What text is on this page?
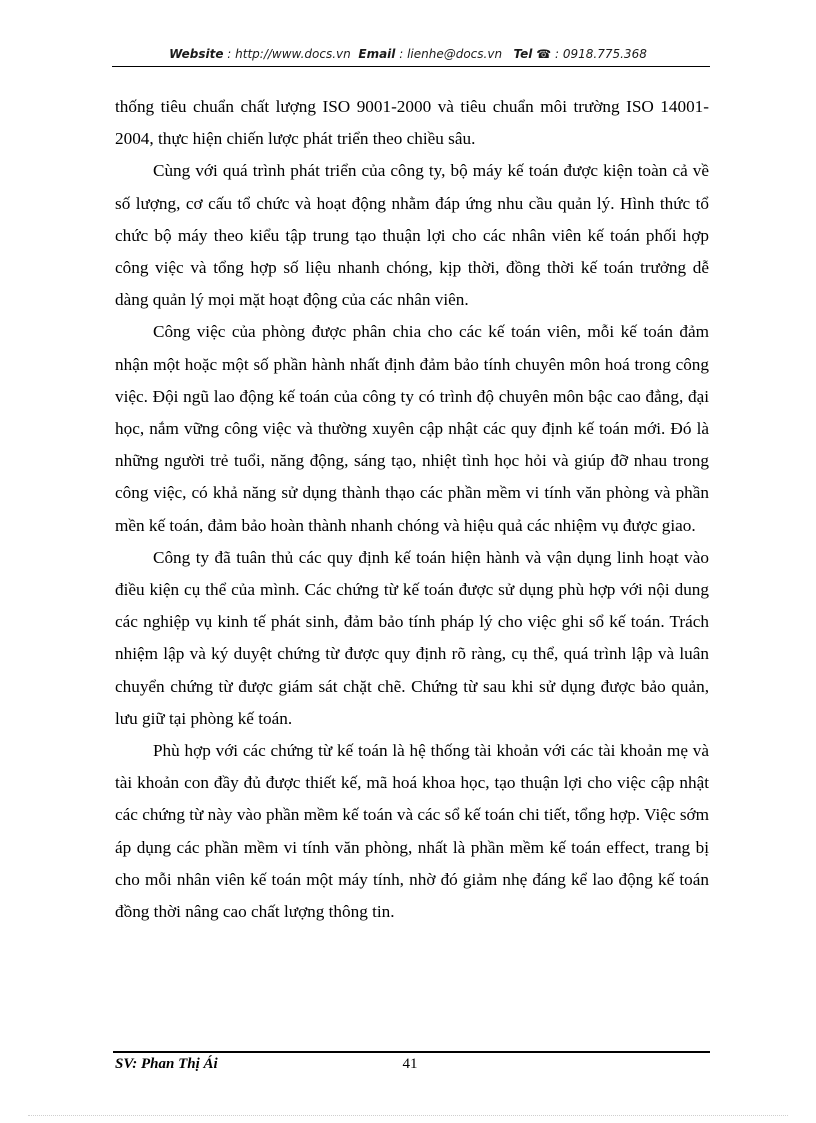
Website : http://www.docs.vn Email : lienhe@docs.vn Tel ☎ : 0918.775.368

thống tiêu chuẩn chất lượng ISO 9001-2000 và tiêu chuẩn môi trường ISO 14001-2004, thực hiện chiến lược phát triển theo chiều sâu.

Cùng với quá trình phát triển của công ty, bộ máy kế toán được kiện toàn cả về số lượng, cơ cấu tổ chức và hoạt động nhằm đáp ứng nhu cầu quản lý. Hình thức tổ chức bộ máy theo kiểu tập trung tạo thuận lợi cho các nhân viên kế toán phối hợp công việc và tổng hợp số liệu nhanh chóng, kịp thời, đồng thời kế toán trưởng dễ dàng quản lý mọi mặt hoạt động của các nhân viên.

Công việc của phòng được phân chia cho các kế toán viên, mỗi kế toán đảm nhận một hoặc một số phần hành nhất định đảm bảo tính chuyên môn hoá trong công việc. Đội ngũ lao động kế toán của công ty có trình độ chuyên môn bậc cao đẳng, đại học, nắm vững công việc và thường xuyên cập nhật các quy định kế toán mới. Đó là những người trẻ tuổi, năng động, sáng tạo, nhiệt tình học hỏi và giúp đỡ nhau trong công việc, có khả năng sử dụng thành thạo các phần mềm vi tính văn phòng và phần mền kế toán, đảm bảo hoàn thành nhanh chóng và hiệu quả các nhiệm vụ được giao.

Công ty đã tuân thủ các quy định kế toán hiện hành và vận dụng linh hoạt vào điều kiện cụ thể của mình. Các chứng từ kế toán được sử dụng phù hợp với nội dung các nghiệp vụ kinh tế phát sinh, đảm bảo tính pháp lý cho việc ghi sổ kế toán. Trách nhiệm lập và ký duyệt chứng từ được quy định rõ ràng, cụ thể, quá trình lập và luân chuyển chứng từ được giám sát chặt chẽ. Chứng từ sau khi sử dụng được bảo quản, lưu giữ tại phòng kế toán.

Phù hợp với các chứng từ kế toán là hệ thống tài khoản với các tài khoản mẹ và tài khoản con đầy đủ được thiết kế, mã hoá khoa học, tạo thuận lợi cho việc cập nhật các chứng từ này vào phần mềm kế toán và các sổ kế toán chi tiết, tổng hợp. Việc sớm áp dụng các phần mềm vi tính văn phòng, nhất là phần mềm kế toán effect, trang bị cho mỗi nhân viên kế toán một máy tính, nhờ đó giảm nhẹ đáng kể lao động kế toán đồng thời nâng cao chất lượng thông tin.

SV: Phan Thị Ái	41
